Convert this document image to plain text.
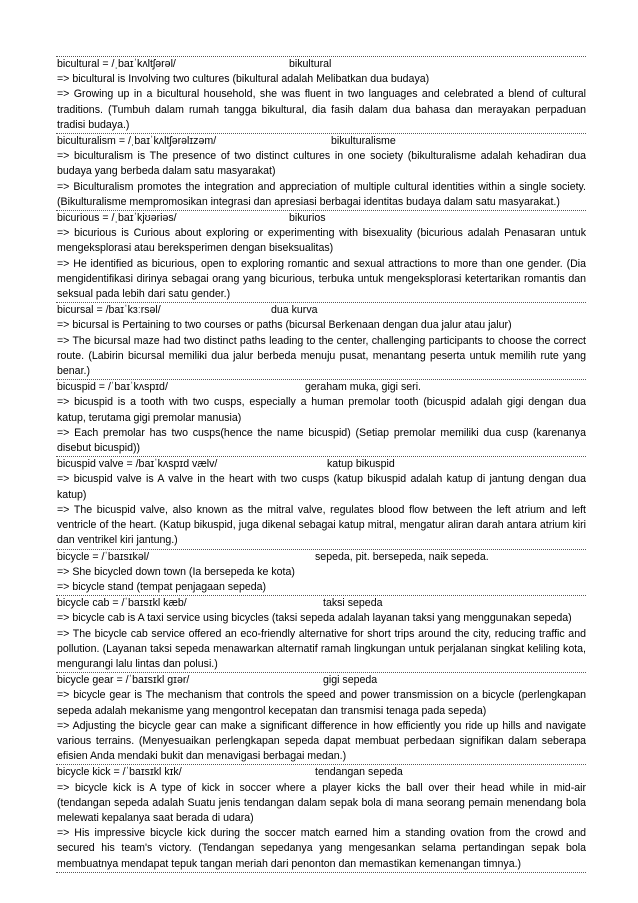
bicultural = /ˌbaɪˈkʌltʃərəl/	bikultural

=> bicultural is Involving two cultures (bikultural adalah Melibatkan dua budaya)

=> Growing up in a bicultural household, she was fluent in two languages and celebrated a blend of cultural traditions. (Tumbuh dalam rumah tangga bikultural, dia fasih dalam dua bahasa dan merayakan perpaduan tradisi budaya.)

biculturalism = /ˌbaɪˈkʌltʃərəlɪzəm/	bikulturalisme

=> biculturalism is The presence of two distinct cultures in one society (bikulturalisme adalah kehadiran dua budaya yang berbeda dalam satu masyarakat)

=> Biculturalism promotes the integration and appreciation of multiple cultural identities within a single society. (Bikulturalisme mempromosikan integrasi dan apresiasi berbagai identitas budaya dalam satu masyarakat.)

bicurious = /ˌbaɪˈkjʊəriəs/	bikurios

=> bicurious is Curious about exploring or experimenting with bisexuality (bicurious adalah Penasaran untuk mengeksplorasi atau bereksperimen dengan biseksualitas)

=> He identified as bicurious, open to exploring romantic and sexual attractions to more than one gender. (Dia mengidentifikasi dirinya sebagai orang yang bicurious, terbuka untuk mengeksplorasi ketertarikan romantis dan seksual pada lebih dari satu gender.)

bicursal = /baɪˈkɜːrsəl/	dua kurva

=> bicursal is Pertaining to two courses or paths (bicursal Berkenaan dengan dua jalur atau jalur)

=> The bicursal maze had two distinct paths leading to the center, challenging participants to choose the correct route. (Labirin bicursal memiliki dua jalur berbeda menuju pusat, menantang peserta untuk memilih rute yang benar.)

bicuspid = /ˈbaɪˈkʌspɪd/	geraham muka, gigi seri.

=> bicuspid is a tooth with two cusps, especially a human premolar tooth (bicuspid adalah gigi dengan dua katup, terutama gigi premolar manusia)

=> Each premolar has two cusps(hence the name bicuspid) (Setiap premolar memiliki dua cusp (karenanya disebut bicuspid))

bicuspid valve = /baɪˈkʌspɪd vælv/	katup bikuspid

=> bicuspid valve is A valve in the heart with two cusps (katup bikuspid adalah katup di jantung dengan dua katup)

=> The bicuspid valve, also known as the mitral valve, regulates blood flow between the left atrium and left ventricle of the heart. (Katup bikuspid, juga dikenal sebagai katup mitral, mengatur aliran darah antara atrium kiri dan ventrikel kiri jantung.)

bicycle = /ˈbaɪsɪkəl/	sepeda, pit. bersepeda, naik sepeda.

=> She bicycled down town (Ia bersepeda ke kota)

=> bicycle stand (tempat penjagaan sepeda)

bicycle cab = /ˈbaɪsɪkl kæb/	taksi sepeda

=> bicycle cab is A taxi service using bicycles (taksi sepeda adalah layanan taksi yang menggunakan sepeda)

=> The bicycle cab service offered an eco-friendly alternative for short trips around the city, reducing traffic and pollution. (Layanan taksi sepeda menawarkan alternatif ramah lingkungan untuk perjalanan singkat keliling kota, mengurangi lalu lintas dan polusi.)

bicycle gear = /ˈbaɪsɪkl ɡɪər/	gigi sepeda

=> bicycle gear is The mechanism that controls the speed and power transmission on a bicycle (perlengkapan sepeda adalah mekanisme yang mengontrol kecepatan dan transmisi tenaga pada sepeda)

=> Adjusting the bicycle gear can make a significant difference in how efficiently you ride up hills and navigate various terrains. (Menyesuaikan perlengkapan sepeda dapat membuat perbedaan signifikan dalam seberapa efisien Anda mendaki bukit dan menavigasi berbagai medan.)

bicycle kick = /ˈbaɪsɪkl kɪk/	tendangan sepeda

=> bicycle kick is A type of kick in soccer where a player kicks the ball over their head while in mid-air (tendangan sepeda adalah Suatu jenis tendangan dalam sepak bola di mana seorang pemain menendang bola melewati kepalanya saat berada di udara)

=> His impressive bicycle kick during the soccer match earned him a standing ovation from the crowd and secured his team's victory. (Tendangan sepedanya yang mengesankan selama pertandingan sepak bola membuatnya mendapat tepuk tangan meriah dari penonton dan memastikan kemenangan timnya.)
